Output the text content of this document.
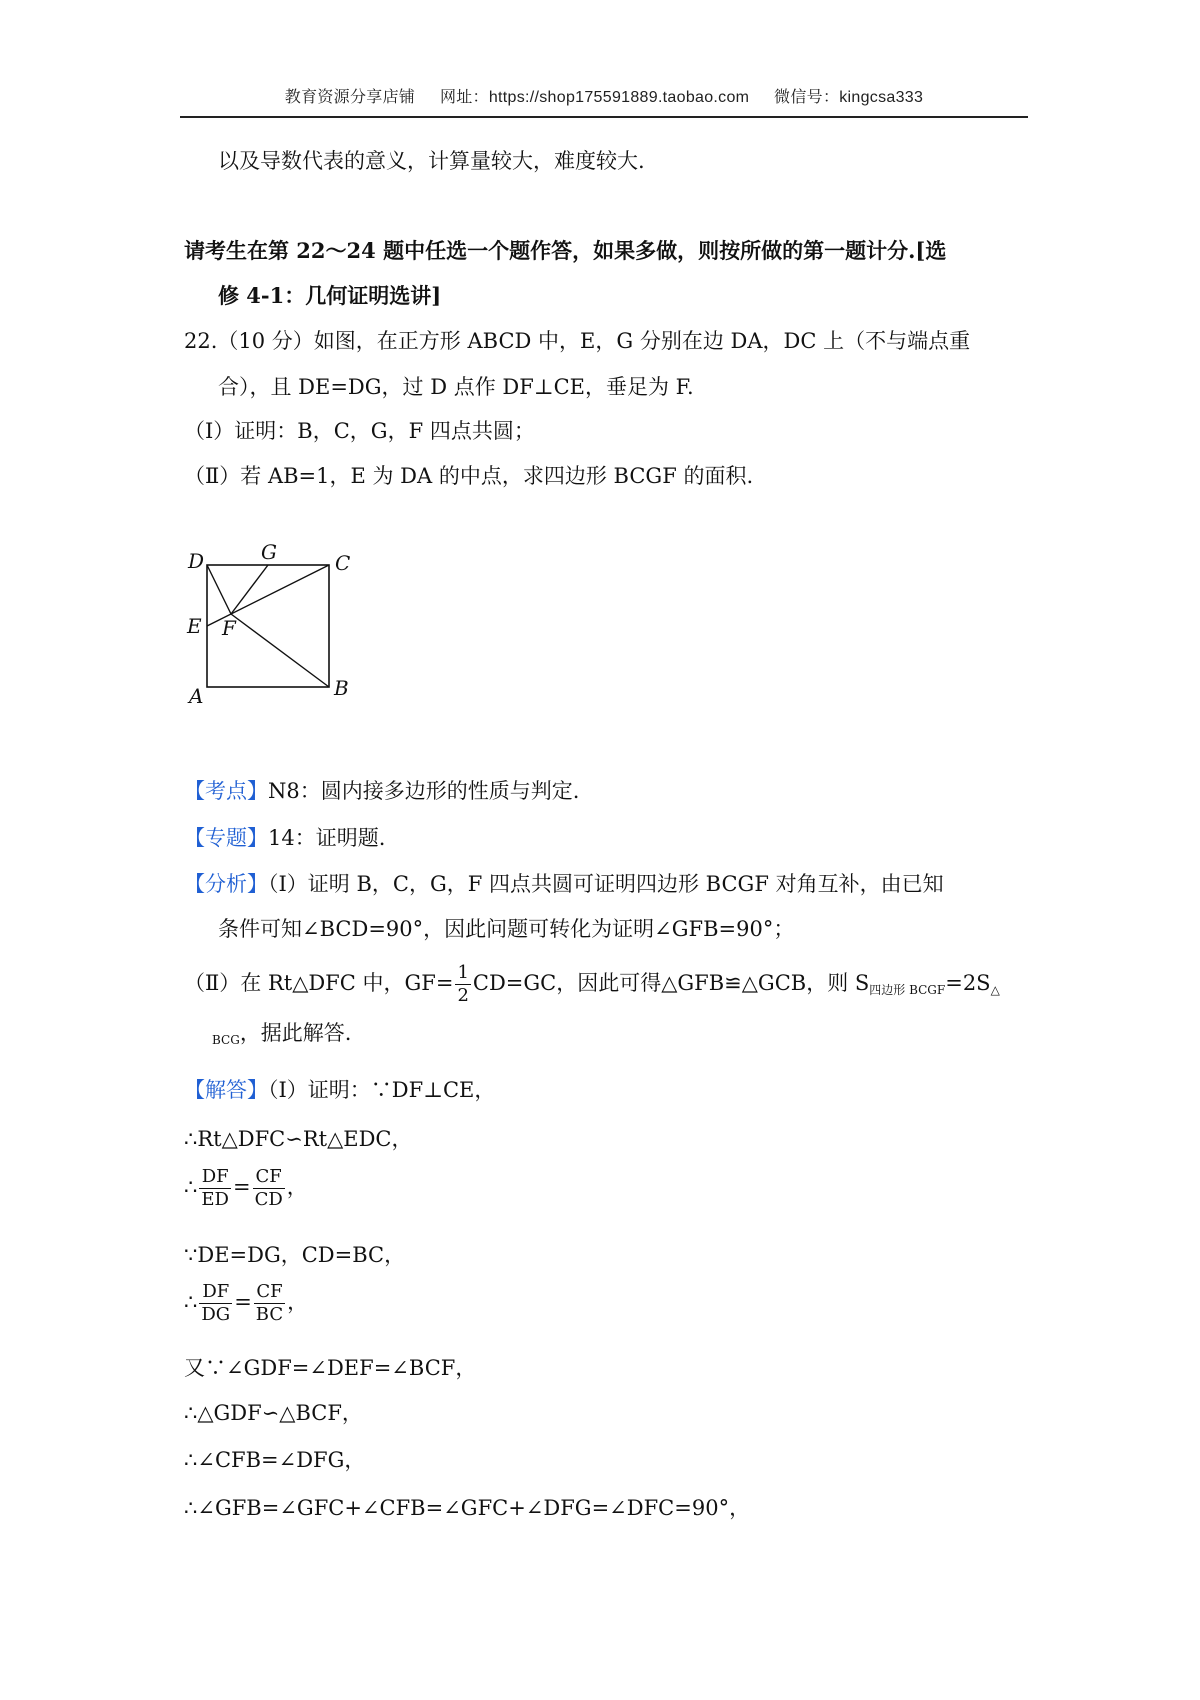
教育资源分享店铺 网址：https://shop175591889.taobao.com 微信号：kingcsa333
以及导数代表的意义，计算量较大，难度较大.
请考生在第 22～24 题中任选一个题作答，如果多做，则按所做的第一题计分.[选
修 4-1：几何证明选讲]
22.（10 分）如图，在正方形 ABCD 中，E，G 分别在边 DA，DC 上（不与端点重
合），且 DE=DG，过 D 点作 DF⊥CE，垂足为 F.
（Ⅰ）证明：B，C，G，F 四点共圆；
（Ⅱ）若 AB=1，E 为 DA 的中点，求四边形 BCGF 的面积.
D	G	C
E F
A	B
【考点】N8：圆内接多边形的性质与判定.
【专题】14：证明题.
【分析】（Ⅰ）证明 B，C，G，F 四点共圆可证明四边形 BCGF 对角互补，由已知
条件可知∠BCD=90°，因此问题可转化为证明∠GFB=90°；
（Ⅱ）在 Rt△DFC 中，$GF= \frac{1}{2} CD=GC$，因此可得△GFB≌△GCB，则 $S_{四边形 BCGF}=2S_\triangle$
$_{BCG}$，据此解答.
【解答】（Ⅰ）证明：∵DF⊥CE，
∴Rt△DFC∽Rt△EDC，
∴ $\frac{DF}{ED} = \frac{CF}{CD}$ ，
∵DE=DG，CD=BC，
∴ $\frac{DF}{DG} = \frac{CF}{BC}$ ，
又∵∠GDF=∠DEF=∠BCF，
∴△GDF∽△BCF，
∴∠CFB=∠DFG，
∴∠GFB=∠GFC+∠CFB=∠GFC+∠DFG=∠DFC=90°，
